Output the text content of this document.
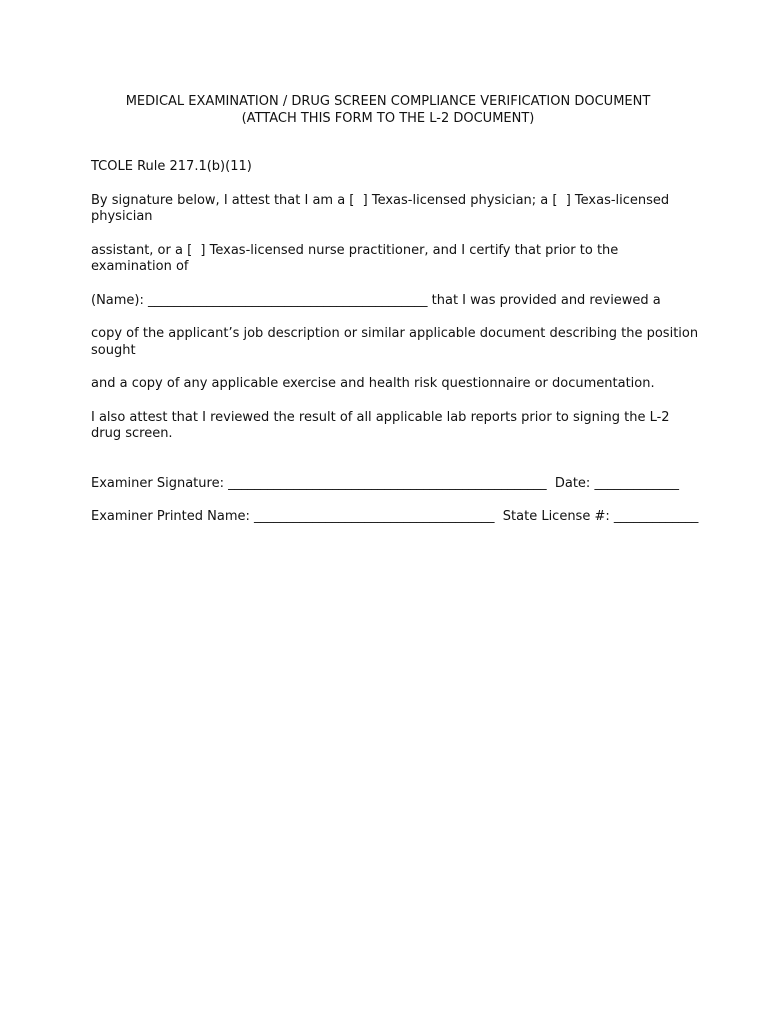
MEDICAL EXAMINATION / DRUG SCREEN COMPLIANCE VERIFICATION DOCUMENT
(ATTACH THIS FORM TO THE L-2 DOCUMENT)

TCOLE Rule 217.1(b)(11)

By signature below, I attest that I am a [  ] Texas-licensed physician; a [  ] Texas-licensed physician

assistant, or a [  ] Texas-licensed nurse practitioner, and I certify that prior to the examination of

(Name): ___________________________________________ that I was provided and reviewed a

copy of the applicant’s job description or similar applicable document describing the position sought

and a copy of any applicable exercise and health risk questionnaire or documentation.

I also attest that I reviewed the result of all applicable lab reports prior to signing the L-2 drug screen.

Examiner Signature: _________________________________________________  Date: _____________

Examiner Printed Name: _____________________________________  State License #: _____________
